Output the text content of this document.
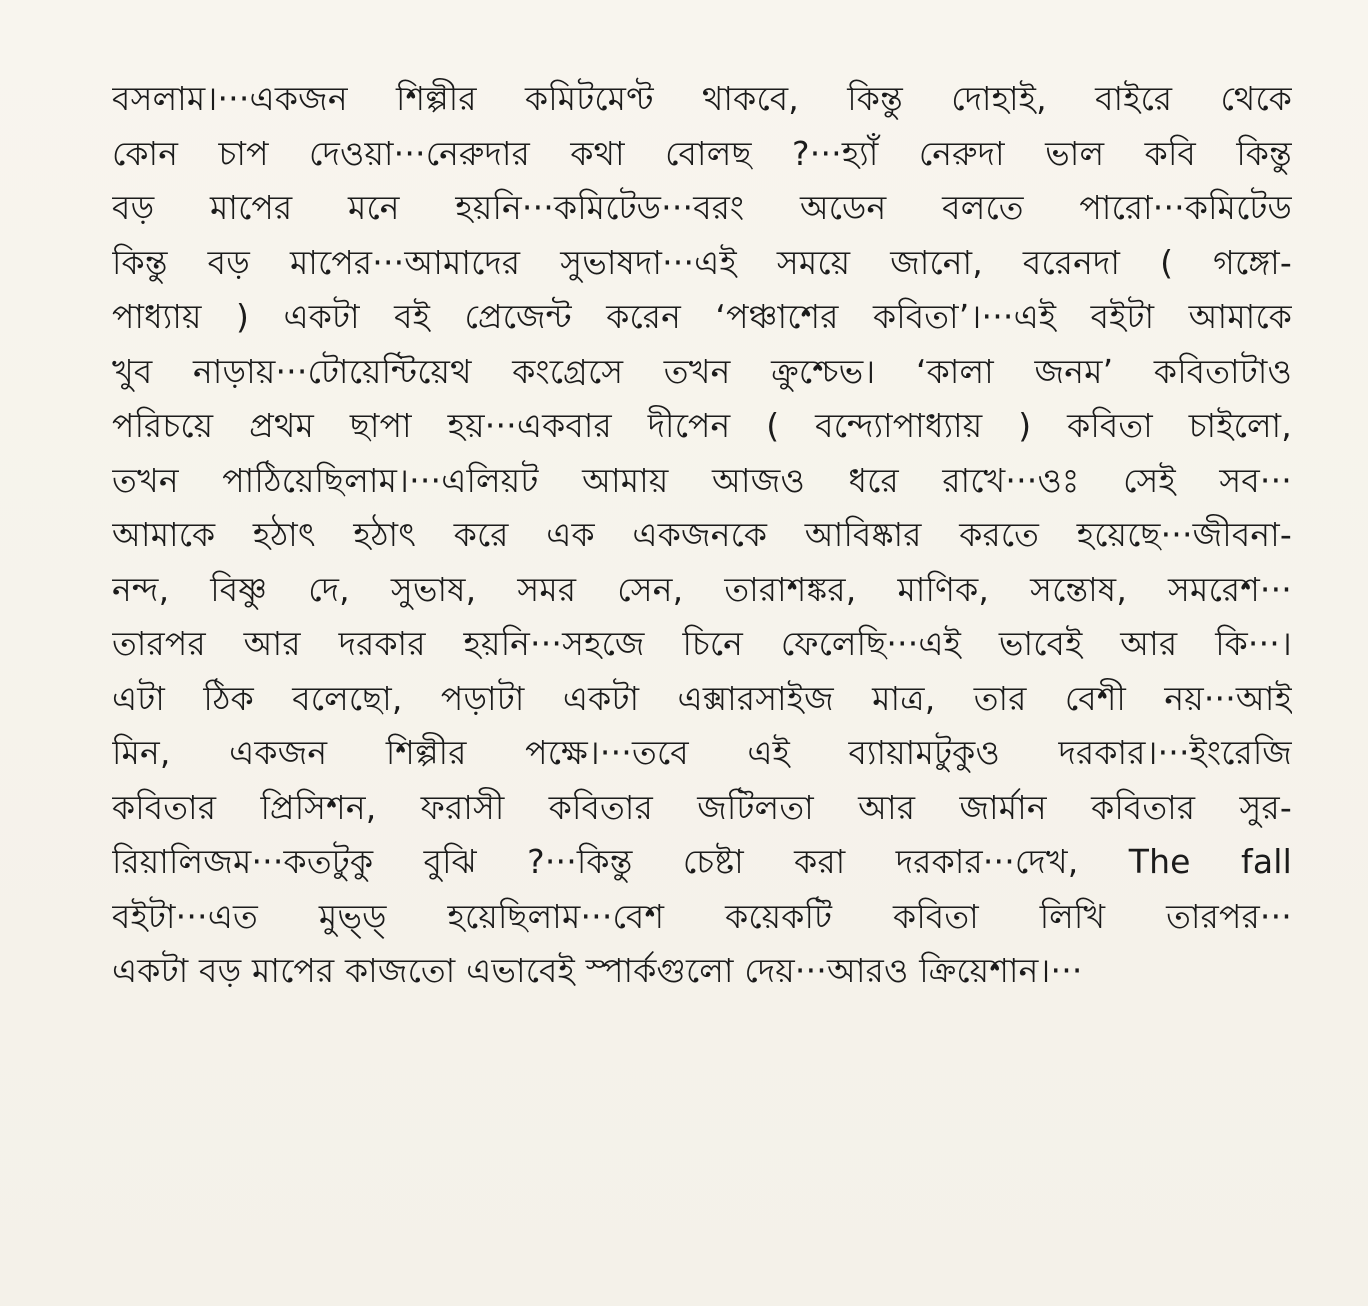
বসলাম।···একজন শিল্পীর কমিটমেণ্ট থাকবে, কিন্তু দোহাই, বাইরে থেকে
কোন চাপ দেওয়া···নেরুদার কথা বোলছ ?···হ্যাঁ নেরুদা ভাল কবি কিন্তু
বড় মাপের মনে হয়নি···কমিটেড···বরং অডেন বলতে পারো···কমিটেড
কিন্তু বড় মাপের···আমাদের সুভাষদা···এই সময়ে জানো, বরেনদা ( গঙ্গো-
পাধ্যায় ) একটা বই প্রেজেন্ট করেন ‘পঞ্চাশের কবিতা’।···এই বইটা আমাকে
খুব নাড়ায়···টোয়েন্টিয়েথ কংগ্রেসে তখন ক্রুশ্চেভ। ‘কালা জনম’ কবিতাটাও
পরিচয়ে প্রথম ছাপা হয়···একবার দীপেন ( বন্দ্যোপাধ্যায় ) কবিতা চাইলো,
তখন পাঠিয়েছিলাম।···এলিয়ট আমায় আজও ধরে রাখে···ওঃ সেই সব···
আমাকে হঠাৎ হঠাৎ করে এক একজনকে আবিষ্কার করতে হয়েছে···জীবনা-
নন্দ, বিষ্ণু দে, সুভাষ, সমর সেন, তারাশঙ্কর, মাণিক, সন্তোষ, সমরেশ···
তারপর আর দরকার হয়নি···সহজে চিনে ফেলেছি···এই ভাবেই আর কি···।
এটা ঠিক বলেছো, পড়াটা একটা এক্সারসাইজ মাত্র, তার বেশী নয়···আই
মিন, একজন শিল্পীর পক্ষে।···তবে এই ব্যায়ামটুকুও দরকার।···ইংরেজি
কবিতার প্রিসিশন, ফরাসী কবিতার জটিলতা আর জার্মান কবিতার সুর-
রিয়ালিজম···কতটুকু বুঝি ?···কিন্তু চেষ্টা করা দরকার···দেখ, The fall
বইটা···এত মুভ্‌ড্‌ হয়েছিলাম···বেশ কয়েকটি কবিতা লিখি তারপর···
একটা বড় মাপের কাজতো এভাবেই স্পার্কগুলো দেয়···আরও ক্রিয়েশান।···
